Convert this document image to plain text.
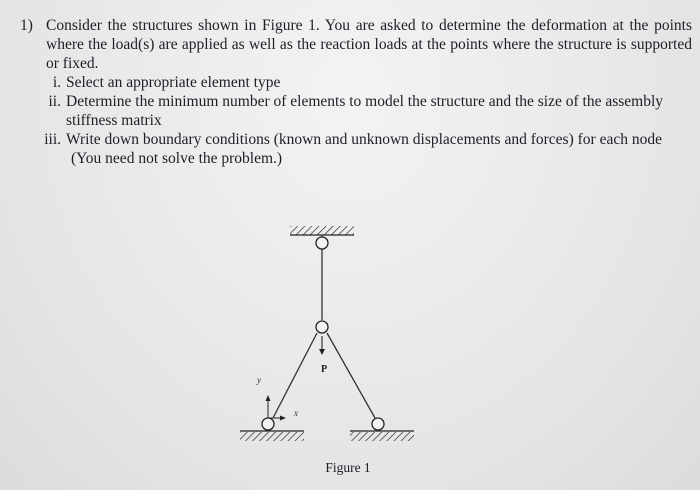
1) Consider the structures shown in Figure 1. You are asked to determine the deformation at the points where the load(s) are applied as well as the reaction loads at the points where the structure is supported or fixed.
i. Select an appropriate element type
ii. Determine the minimum number of elements to model the structure and the size of the assembly stiffness matrix
iii. Write down boundary conditions (known and unknown displacements and forces) for each node
(You need not solve the problem.)
P
y
x
Figure 1
